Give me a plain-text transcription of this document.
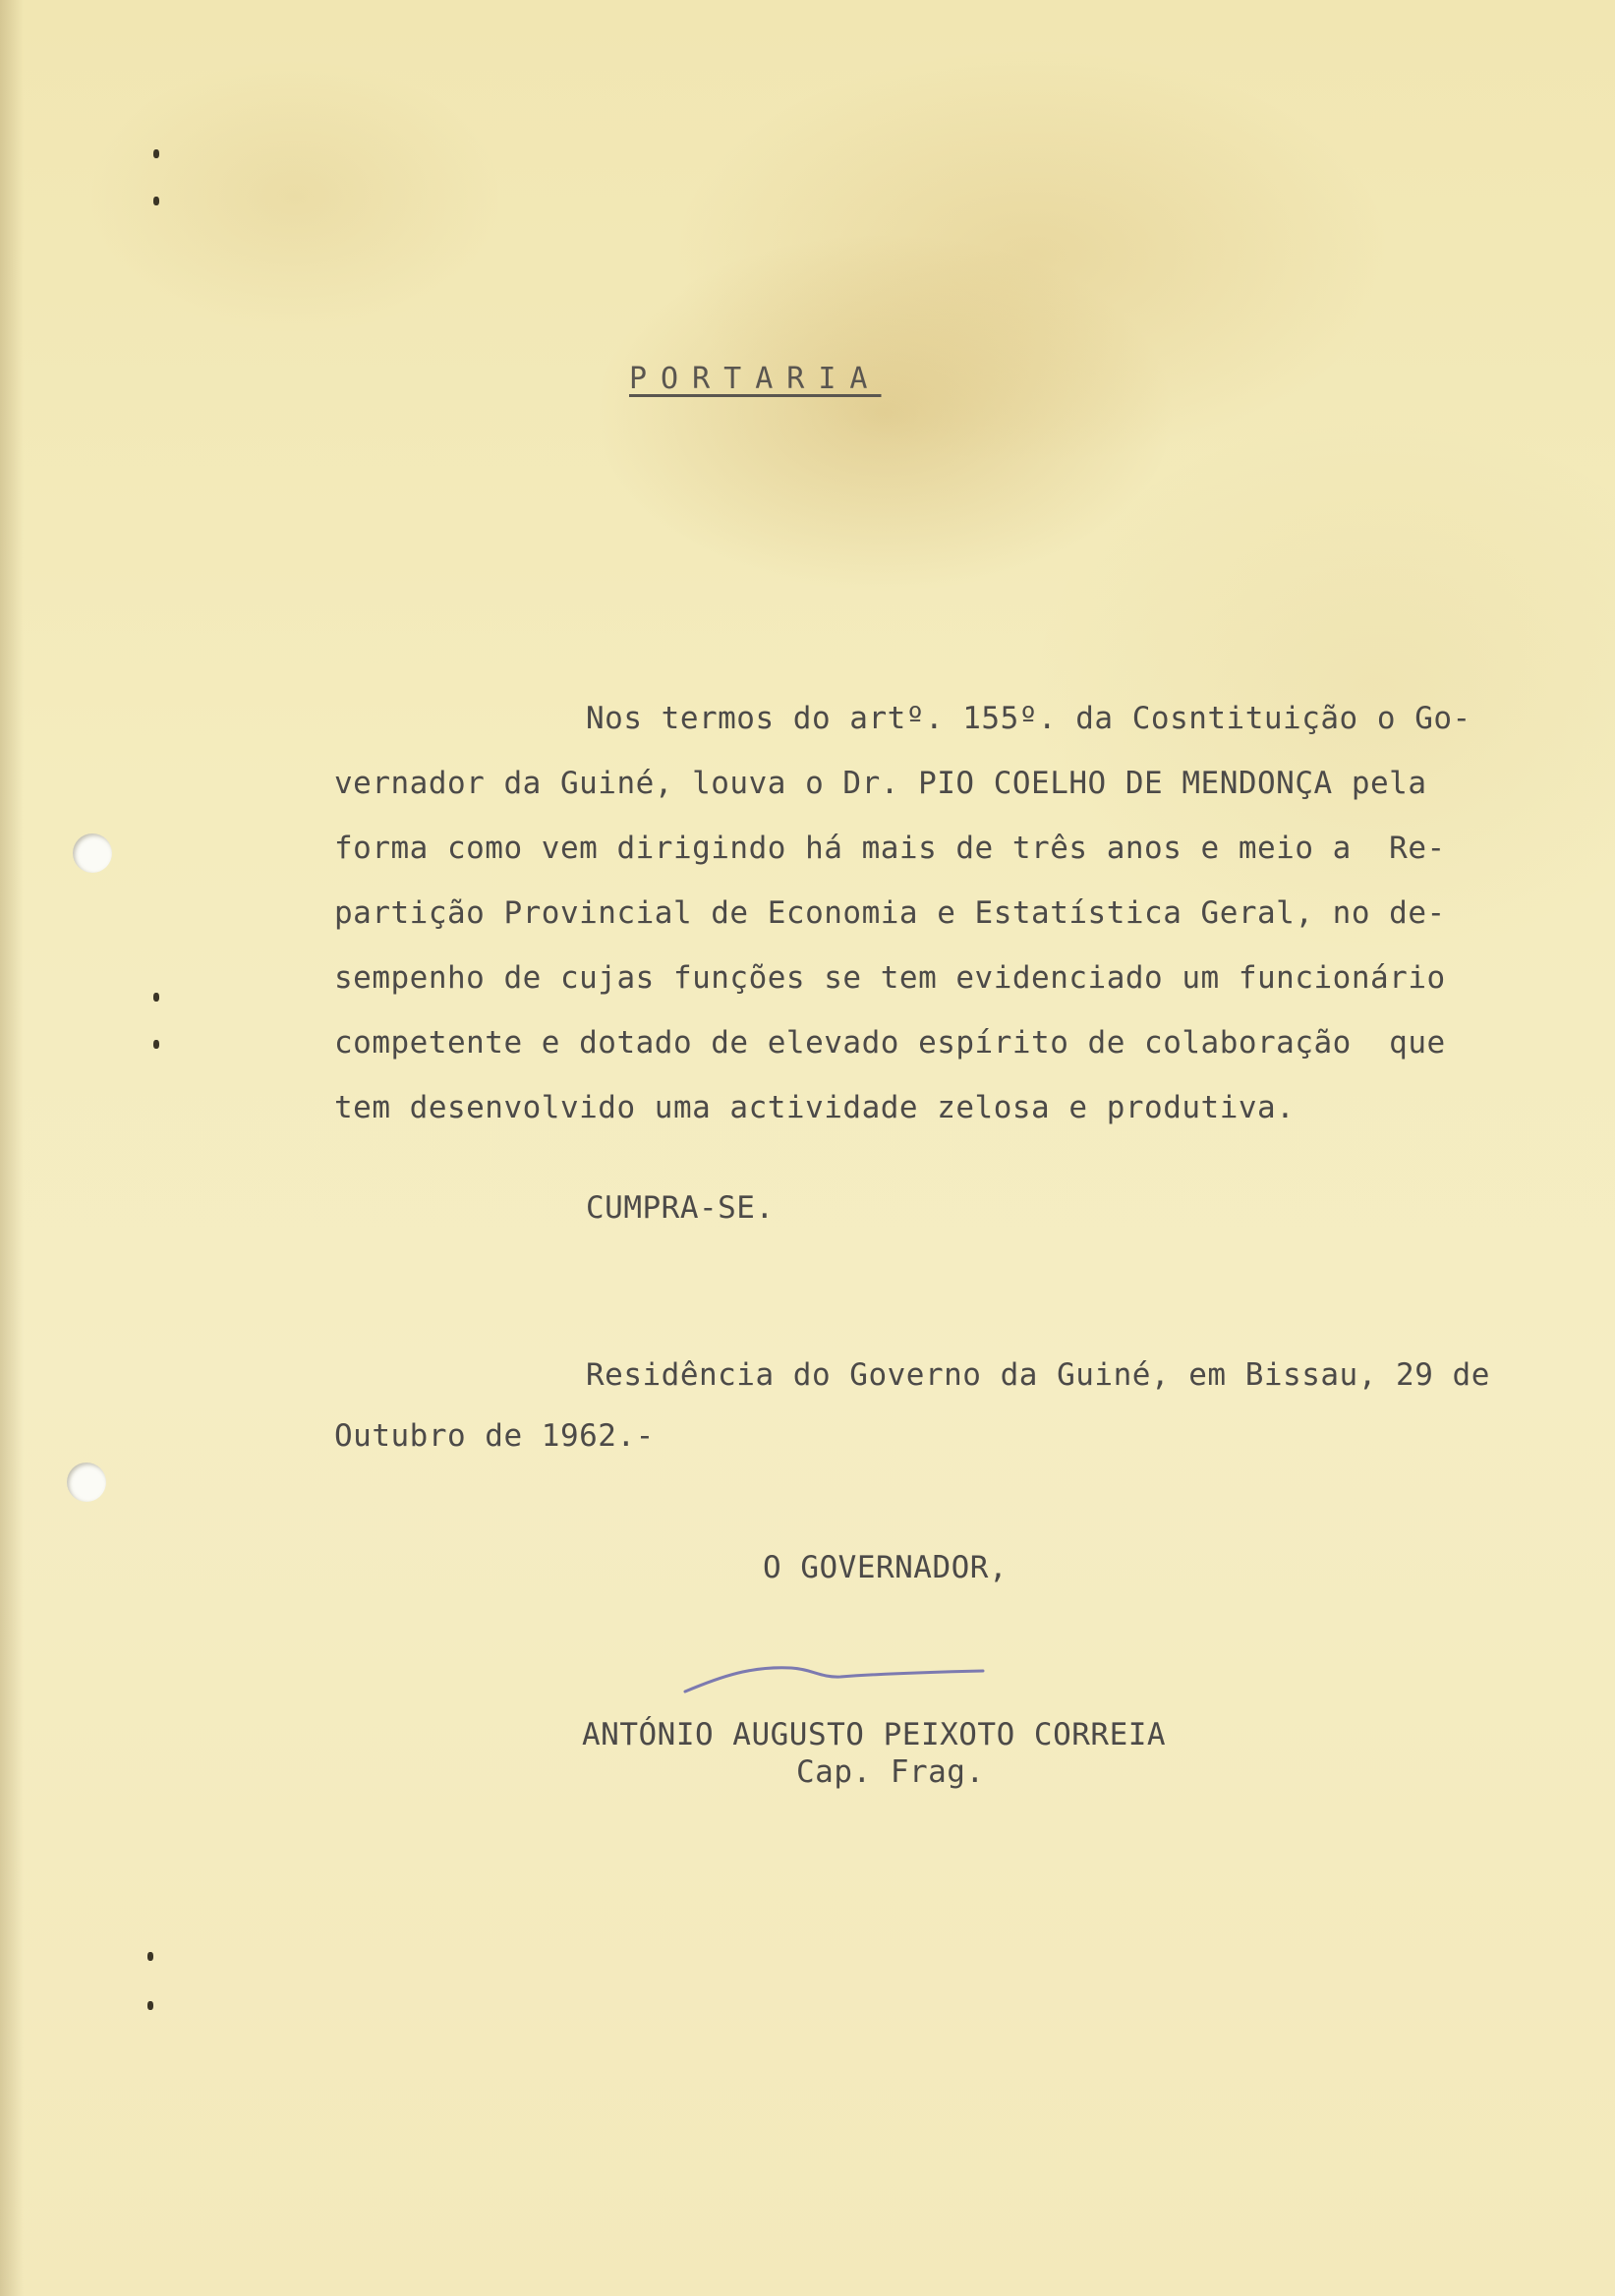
PORTARIA
Nos termos do artº. 155º. da Cosntituição o Go-
vernador da Guiné, louva o Dr. PIO COELHO DE MENDONÇA pela
forma como vem dirigindo há mais de três anos e meio a  Re-
partição Provincial de Economia e Estatística Geral, no de-
sempenho de cujas funções se tem evidenciado um funcionário
competente e dotado de elevado espírito de colaboração  que
tem desenvolvido uma actividade zelosa e produtiva.
CUMPRA-SE.
Residência do Governo da Guiné, em Bissau, 29 de
Outubro de 1962.-
O GOVERNADOR,
ANTÓNIO AUGUSTO PEIXOTO CORREIA
Cap. Frag.
